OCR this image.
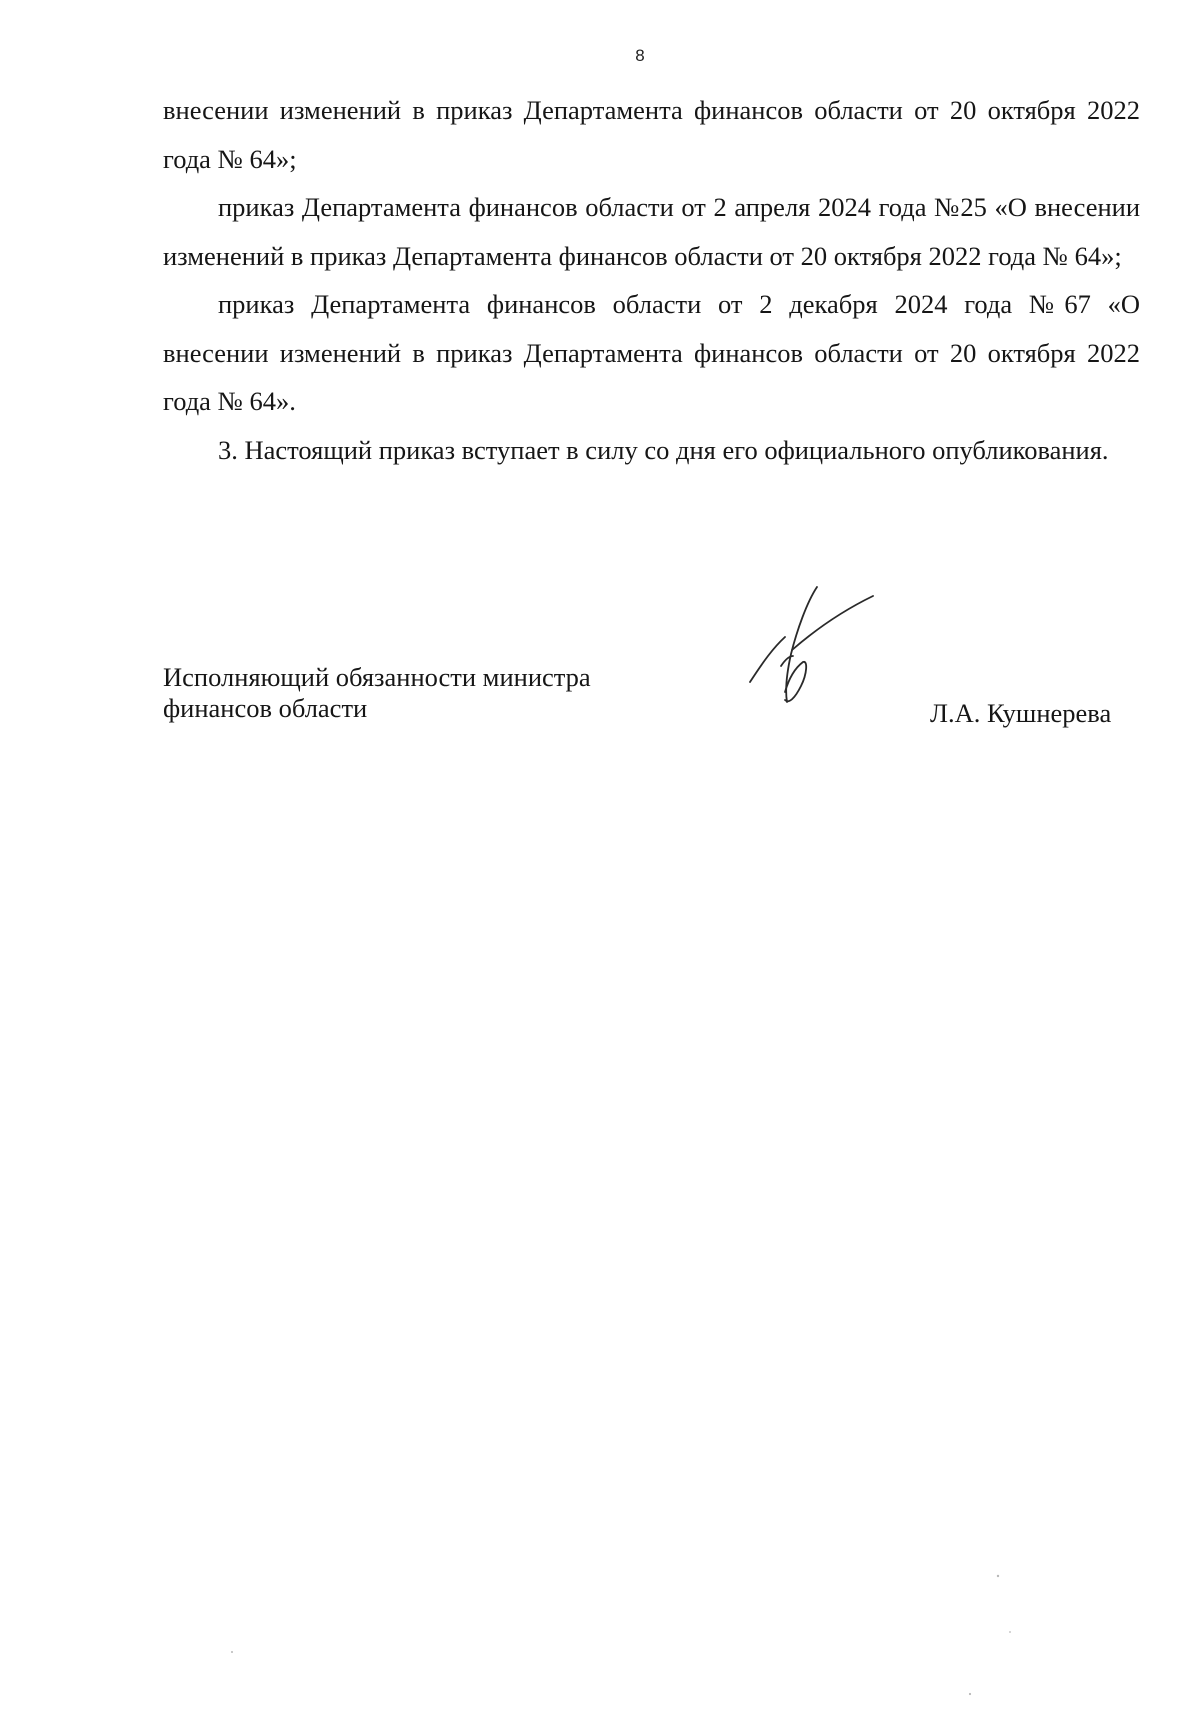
8

внесении изменений в приказ Департамента финансов области от 20 октября 2022 года № 64»;

приказ Департамента финансов области от 2 апреля 2024 года №25 «О внесении изменений в приказ Департамента финансов области от 20 октября 2022 года № 64»;

приказ Департамента финансов области от 2 декабря 2024 года №67 «О внесении изменений в приказ Департамента финансов области от 20 октября 2022 года № 64».

3. Настоящий приказ вступает в силу со дня его официального опубликования.

Исполняющий обязанности министра
финансов области	Л.А. Кушнерева
